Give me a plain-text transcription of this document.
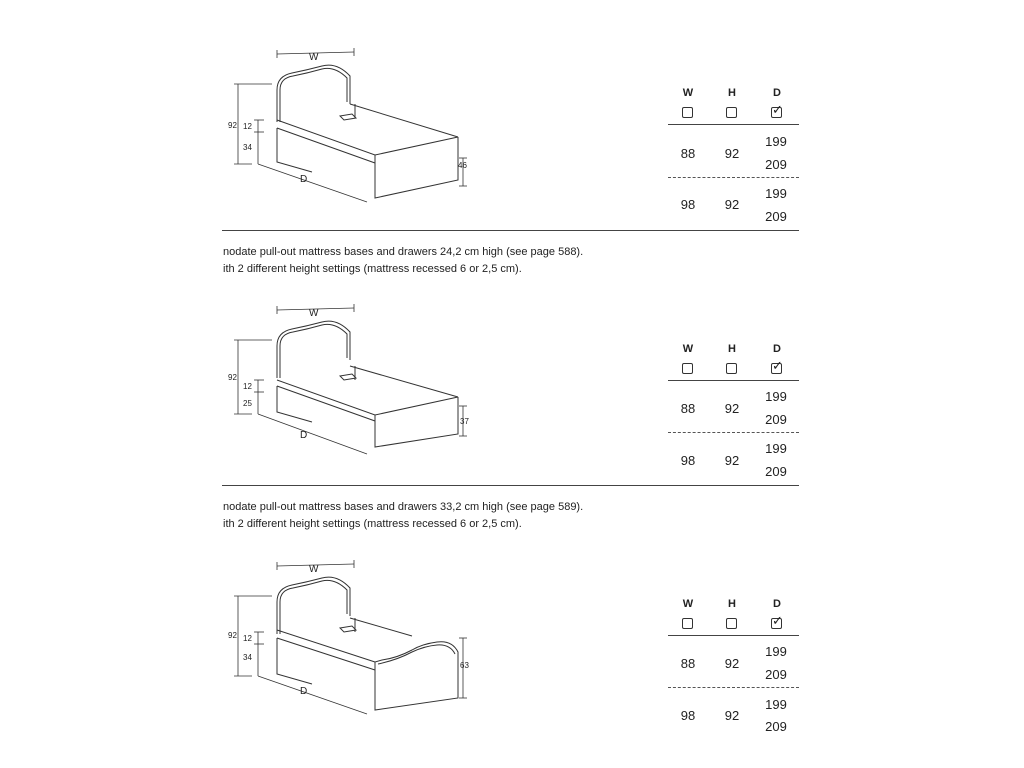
W
92 12
34
D
46
W	H	D
✓
88	92
199
209
98	92
199
209
nodate pull-out mattress bases and drawers 24,2 cm high (see page 588).
ith 2 different height settings (mattress recessed 6 or 2,5 cm).
W
92
12
25
D
37
W	H	D
✓
88	92
199
209
98	92
199
209
nodate pull-out mattress bases and drawers 33,2 cm high (see page 589).
ith 2 different height settings (mattress recessed 6 or 2,5 cm).
W
92 12
34
D
63
W	H	D
✓
88	92
199
209
98	92
199
209
